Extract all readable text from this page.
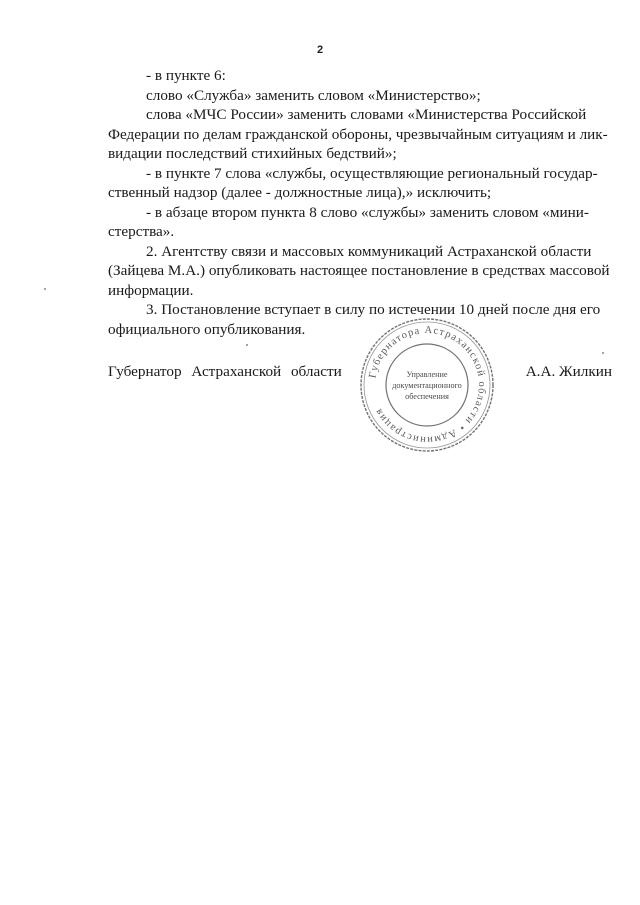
2

- в пункте 6:

слово «Служба» заменить словом «Министерство»;

слова «МЧС России» заменить словами «Министерства Российской

Федерации по делам гражданской обороны, чрезвычайным ситуациям и лик-

видации последствий стихийных бедствий»;

- в пункте 7 слова «службы, осуществляющие региональный государ-

ственный надзор (далее - должностные лица),» исключить;

- в абзаце втором пункта 8 слово «службы» заменить словом «мини-

стерства».

2. Агентству связи и массовых коммуникаций Астраханской области

(Зайцева М.А.) опубликовать настоящее постановление в средствах массовой

информации.

3. Постановление вступает в силу по истечении 10 дней после дня его

официального опубликования.

Губернатор Астраханской области	А.А. Жилкин
Губернатора Астраханской области • Администрация
Управление
документационного
обеспечения
